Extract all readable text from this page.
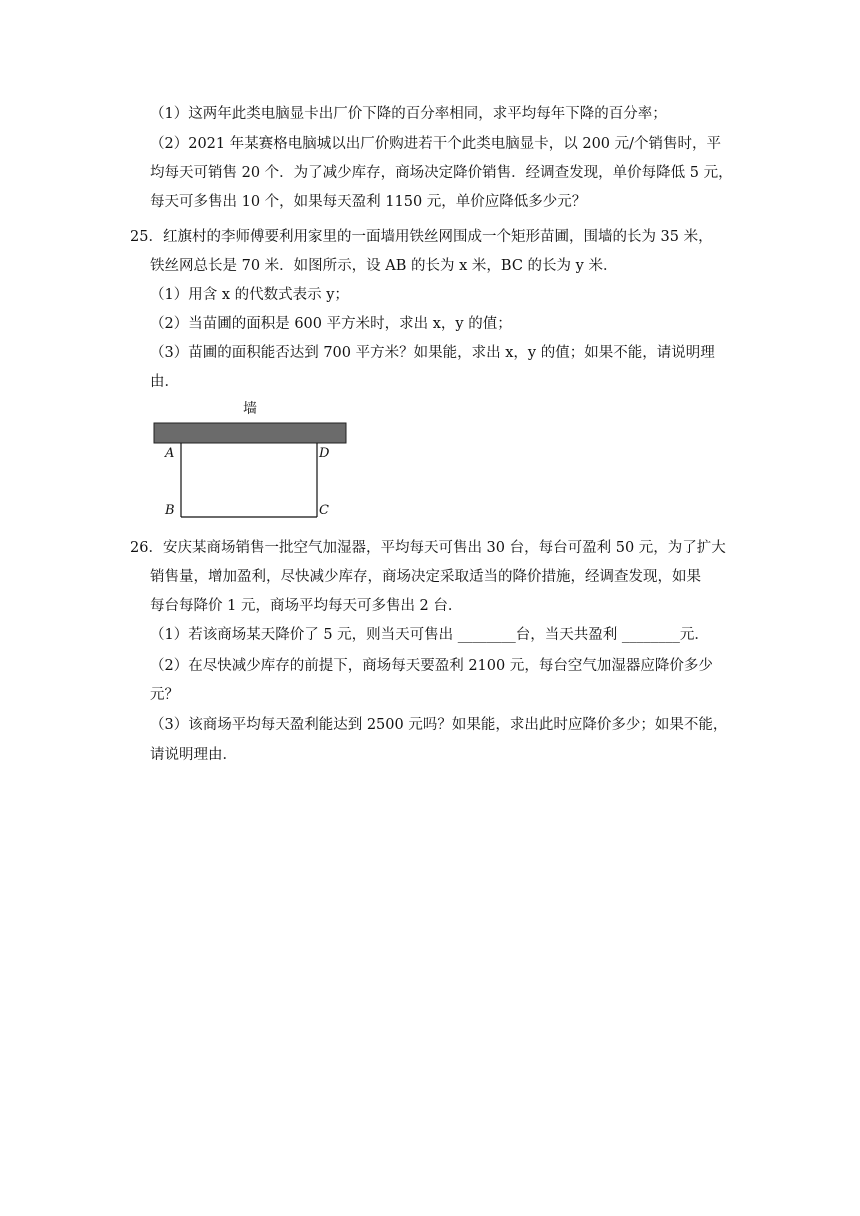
（1）这两年此类电脑显卡出厂价下降的百分率相同，求平均每年下降的百分率；
（2）2021 年某赛格电脑城以出厂价购进若干个此类电脑显卡，以 200 元/个销售时，平
均每天可销售 20 个．为了减少库存，商场决定降价销售．经调查发现，单价每降低 5 元，
每天可多售出 10 个，如果每天盈利 1150 元，单价应降低多少元？
25．红旗村的李师傅要利用家里的一面墙用铁丝网围成一个矩形苗圃，围墙的长为 35 米，
铁丝网总长是 70 米．如图所示，设 AB 的长为 x 米，BC 的长为 y 米．
（1）用含 x 的代数式表示 y；
（2）当苗圃的面积是 600 平方米时，求出 x，y 的值；
（3）苗圃的面积能否达到 700 平方米？如果能，求出 x，y 的值；如果不能，请说明理
由．
墙
A	D
B	C
26．安庆某商场销售一批空气加湿器，平均每天可售出 30 台，每台可盈利 50 元，为了扩大
销售量，增加盈利，尽快减少库存，商场决定采取适当的降价措施，经调查发现，如果
每台每降价 1 元，商场平均每天可多售出 2 台．
（1）若该商场某天降价了 5 元，则当天可售出 ________台，当天共盈利 ________元．
（2）在尽快减少库存的前提下，商场每天要盈利 2100 元，每台空气加湿器应降价多少
元？
（3）该商场平均每天盈利能达到 2500 元吗？如果能，求出此时应降价多少；如果不能，
请说明理由．
